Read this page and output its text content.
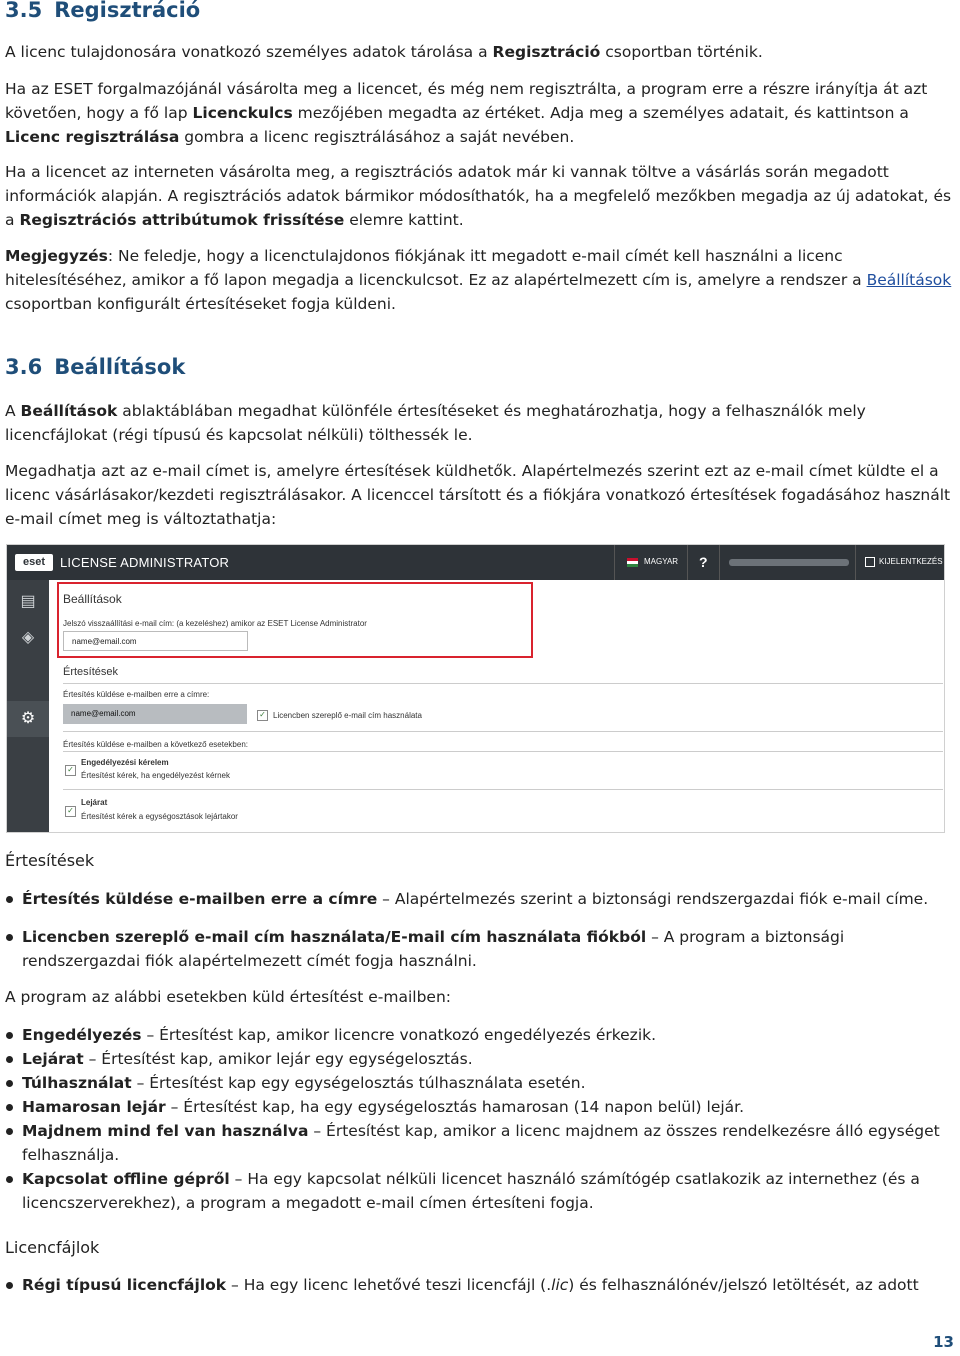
3.5 Regisztráció

A licenc tulajdonosára vonatkozó személyes adatok tárolása a Regisztráció csoportban történik.

Ha az ESET forgalmazójánál vásárolta meg a licencet, és még nem regisztrálta, a program erre a részre irányítja át azt követően, hogy a fő lap Licenckulcs mezőjében megadta az értéket. Adja meg a személyes adatait, és kattintson a Licenc regisztrálása gombra a licenc regisztrálásához a saját nevében.

Ha a licencet az interneten vásárolta meg, a regisztrációs adatok már ki vannak töltve a vásárlás során megadott információk alapján. A regisztrációs adatok bármikor módosíthatók, ha a megfelelő mezőkben megadja az új adatokat, és a Regisztrációs attribútumok frissítése elemre kattint.

Megjegyzés: Ne feledje, hogy a licenctulajdonos fiókjának itt megadott e-mail címét kell használni a licenc hitelesítéséhez, amikor a fő lapon megadja a licenckulcsot. Ez az alapértelmezett cím is, amelyre a rendszer a Beállítások csoportban konfigurált értesítéseket fogja küldeni.

3.6 Beállítások

A Beállítások ablaktáblában megadhat különféle értesítéseket és meghatározhatja, hogy a felhasználók mely licencfájlokat (régi típusú és kapcsolat nélküli) tölthessék le.

Megadhatja azt az e-mail címet is, amelyre értesítések küldhetők. Alapértelmezés szerint ezt az e-mail címet küldte el a licenc vásárlásakor/kezdeti regisztrálásakor. A licenccel társított és a fiókjára vonatkozó értesítések fogadásához használt e-mail címet meg is változtathatja:

eset	LICENSE ADMINISTRATOR	MAGYAR ?	KIJELENTKEZÉS
▤
◈
⚙
Beállítások
Jelszó visszaállítási e-mail cím: (a kezeléshez) amikor az ESET License Administrator
name@email.com
Értesítések
Értesítés küldése e-mailben erre a címre:
name@email.com	✓ Licencben szereplő e-mail cím használata
Értesítés küldése e-mailben a következő esetekben:
✓
Engedélyezési kérelem
Értesítést kérek, ha engedélyezést kérnek
✓
Lejárat
Értesítést kérek a egységosztások lejártakor
Értesítések
Értesítés küldése e-mailben erre a címre – Alapértelmezés szerint a biztonsági rendszergazdai fiók e-mail címe.
Licencben szereplő e-mail cím használata/E-mail cím használata fiókból – A program a biztonsági rendszergazdai fiók alapértelmezett címét fogja használni.

A program az alábbi esetekben küld értesítést e-mailben:

Engedélyezés – Értesítést kap, amikor licencre vonatkozó engedélyezés érkezik.
Lejárat – Értesítést kap, amikor lejár egy egységelosztás.
Túlhasználat – Értesítést kap egy egységelosztás túlhasználata esetén.
Hamarosan lejár – Értesítést kap, ha egy egységelosztás hamarosan (14 napon belül) lejár.
Majdnem mind fel van használva – Értesítést kap, amikor a licenc majdnem az összes rendelkezésre álló egységet felhasználja.
Kapcsolat offline gépről – Ha egy kapcsolat nélküli licencet használó számítógép csatlakozik az internethez (és a licencszerverekhez), a program a megadott e-mail címen értesíteni fogja.
Licencfájlok
Régi típusú licencfájlok – Ha egy licenc lehetővé teszi licencfájl (.lic) és felhasználónév/jelszó letöltését, az adott
13
